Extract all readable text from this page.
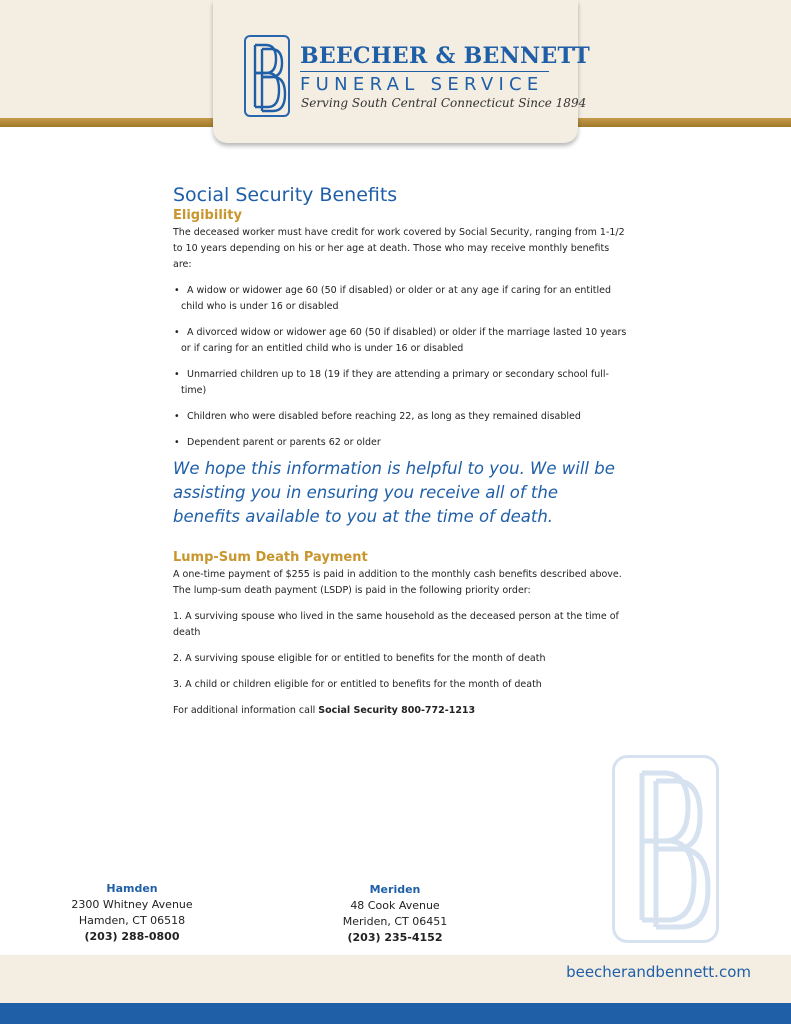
BEECHER & BENNETT
FUNERAL SERVICE
Serving South Central Connecticut Since 1894
Social Security Benefits
Eligibility

The deceased worker must have credit for work covered by Social Security, ranging from 1-1/2 to 10 years depending on his or her age at death. Those who may receive monthly benefits are:

• A widow or widower age 60 (50 if disabled) or older or at any age if caring for an entitled child who is under 16 or disabled
• A divorced widow or widower age 60 (50 if disabled) or older if the marriage lasted 10 years or if caring for an entitled child who is under 16 or disabled
• Unmarried children up to 18 (19 if they are attending a primary or secondary school full-time)
• Children who were disabled before reaching 22, as long as they remained disabled
• Dependent parent or parents 62 or older

We hope this information is helpful to you. We will be assisting you in ensuring you receive all of the benefits available to you at the time of death.

Lump-Sum Death Payment

A one-time payment of $255 is paid in addition to the monthly cash benefits described above.

The lump-sum death payment (LSDP) is paid in the following priority order:

1. A surviving spouse who lived in the same household as the deceased person at the time of death
2. A surviving spouse eligible for or entitled to benefits for the month of death
3. A child or children eligible for or entitled to benefits for the month of death

For additional information call Social Security 800-772-1213

Hamden
2300 Whitney Avenue
Hamden, CT 06518
(203) 288-0800
Meriden
48 Cook Avenue
Meriden, CT 06451
(203) 235-4152
beecherandbennett.com
